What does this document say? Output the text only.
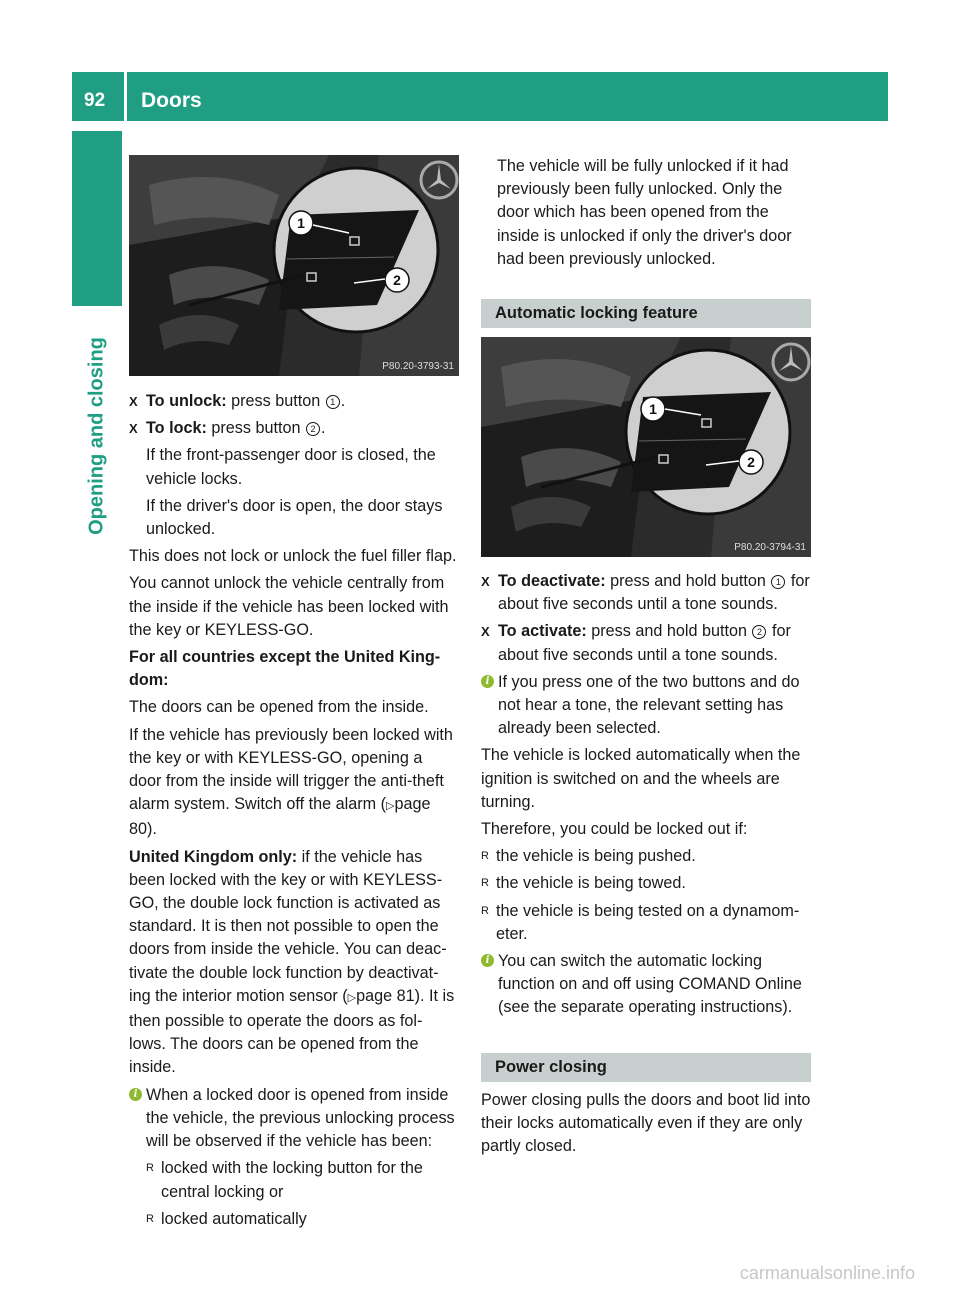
92 Doors
Opening and closing
1
2
P80.20-3793-31
X To unlock: press button 1 .
X To lock: press button 2 .

If the front-passenger door is closed, the vehicle locks.

If the driver's door is open, the door stays unlocked.

This does not lock or unlock the fuel filler flap.

You cannot unlock the vehicle centrally from the inside if the vehicle has been locked with the key or KEYLESS-GO.

For all countries except the United King-dom:

The doors can be opened from the inside.

If the vehicle has previously been locked with the key or with KEYLESS-GO, opening a door from the inside will trigger the anti-theft alarm system. Switch off the alarm (▷page 80).

United Kingdom only: if the vehicle has been locked with the key or with KEYLESS-GO, the double lock function is activated as standard. It is then not possible to open the doors from inside the vehicle. You can deac-tivate the double lock function by deactivat-ing the interior motion sensor (▷page 81). It is then possible to operate the doors as fol-lows. The doors can be opened from the inside.

i When a locked door is opened from inside the vehicle, the previous unlocking process will be observed if the vehicle has been:
R locked with the locking button for the central locking or
R locked automatically

The vehicle will be fully unlocked if it had previously been fully unlocked. Only the door which has been opened from the inside is unlocked if only the driver's door had been previously unlocked.

Automatic locking feature
1
2
P80.20-3794-31
X To deactivate: press and hold button 1 for about five seconds until a tone sounds.
X To activate: press and hold button 2 for about five seconds until a tone sounds.
i If you press one of the two buttons and do not hear a tone, the relevant setting has already been selected.

The vehicle is locked automatically when the ignition is switched on and the wheels are turning.

Therefore, you could be locked out if:

R the vehicle is being pushed.
R the vehicle is being towed.
R the vehicle is being tested on a dynamom-eter.
i You can switch the automatic locking function on and off using COMAND Online (see the separate operating instructions).
Power closing

Power closing pulls the doors and boot lid into their locks automatically even if they are only partly closed.

carmanualsonline.info
